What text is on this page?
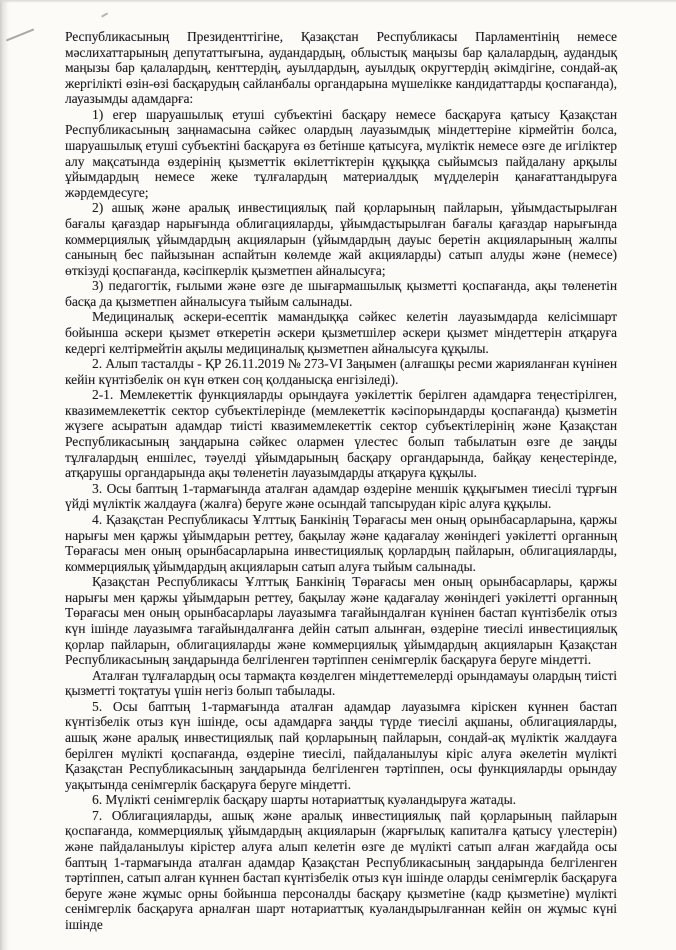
Республикасының Президенттігіне, Қазақстан Республикасы Парламентінің немесе мәслихаттарының депутаттығына, аудандардың, облыстық маңызы бар қалалардың, аудандық маңызы бар қалалардың, кенттердің, ауылдардың, ауылдық округтердің әкімдігіне, сондай-ақ жергілікті өзін-өзі басқарудың сайланбалы органдарына мүшелікке кандидаттарды қоспағанда), лауазымды адамдарға:

1) егер шаруашылық етуші субъектіні басқару немесе басқаруға қатысу Қазақстан Республикасының заңнамасына сәйкес олардың лауазымдық міндеттеріне кірмейтін болса, шаруашылық етуші субъектіні басқаруға өз бетінше қатысуға, мүліктік немесе өзге де игіліктер алу мақсатында өздерінің қызметтік өкілеттіктерін құқыққа сыйымсыз пайдалану арқылы ұйымдардың немесе жеке тұлғалардың материалдық мүдделерін қанағаттандыруға жәрдемдесуге;

2) ашық және аралық инвестициялық пай қорларының пайларын, ұйымдастырылған бағалы қағаздар нарығында облигацияларды, ұйымдастырылған бағалы қағаздар нарығында коммерциялық ұйымдардың акцияларын (ұйымдардың дауыс беретін акцияларының жалпы санының бес пайызынан аспайтын көлемде жай акцияларды) сатып алуды және (немесе) өткізуді қоспағанда, кәсіпкерлік қызметпен айналысуға;

3) педагогтік, ғылыми және өзге де шығармашылық қызметті қоспағанда, ақы төленетін басқа да қызметпен айналысуға тыйым салынады.

Медициналық әскери-есептік мамандыққа сәйкес келетін лауазымдарда келісімшарт бойынша әскери қызмет өткеретін әскери қызметшілер әскери қызмет міндеттерін атқаруға кедергі келтірмейтін ақылы медициналық қызметпен айналысуға құқылы.

2. Алып тасталды - ҚР 26.11.2019 № 273-VI Заңымен (алғашқы ресми жарияланған күнінен кейін күнтізбелік он күн өткен соң қолданысқа енгізіледі).

2-1. Мемлекеттік функцияларды орындауға уәкілеттік берілген адамдарға теңестірілген, квазимемлекеттік сектор субъектілерінде (мемлекеттік кәсіпорындарды қоспағанда) қызметін жүзеге асыратын адамдар тиісті квазимемлекеттік сектор субъектілерінің және Қазақстан Республикасының заңдарына сәйкес олармен үлестес болып табылатын өзге де заңды тұлғалардың еншілес, тәуелді ұйымдарының басқару органдарында, байқау кеңестерінде, атқарушы органдарында ақы төленетін лауазымдарды атқаруға құқылы.

3. Осы баптың 1-тармағында аталған адамдар өздеріне меншік құқығымен тиесілі тұрғын үйді мүліктік жалдауға (жалға) беруге және осындай тапсырудан кіріс алуға құқылы.

4. Қазақстан Республикасы Ұлттық Банкінің Төрағасы мен оның орынбасарларына, қаржы нарығы мен қаржы ұйымдарын реттеу, бақылау және қадағалау жөніндегі уәкілетті органның Төрағасы мен оның орынбасарларына инвестициялық қорлардың пайларын, облигацияларды, коммерциялық ұйымдардың акцияларын сатып алуға тыйым салынады.

Қазақстан Республикасы Ұлттық Банкінің Төрағасы мен оның орынбасарлары, қаржы нарығы мен қаржы ұйымдарын реттеу, бақылау және қадағалау жөніндегі уәкілетті органның Төрағасы мен оның орынбасарлары лауазымға тағайындалған күнінен бастап күнтізбелік отыз күн ішінде лауазымға тағайындалғанға дейін сатып алынған, өздеріне тиесілі инвестициялық қорлар пайларын, облигацияларды және коммерциялық ұйымдардың акцияларын Қазақстан Республикасының заңдарында белгіленген тәртіппен сенімгерлік басқаруға беруге міндетті.

Аталған тұлғалардың осы тармақта көзделген міндеттемелерді орындамауы олардың тиісті қызметті тоқтатуы үшін негіз болып табылады.

5. Осы баптың 1-тармағында аталған адамдар лауазымға кіріскен күннен бастап күнтізбелік отыз күн ішінде, осы адамдарға заңды түрде тиесілі ақшаны, облигацияларды, ашық және аралық инвестициялық пай қорларының пайларын, сондай-ақ мүліктік жалдауға берілген мүлікті қоспағанда, өздеріне тиесілі, пайдаланылуы кіріс алуға әкелетін мүлікті Қазақстан Республикасының заңдарында белгіленген тәртіппен, осы функцияларды орындау уақытында сенімгерлік басқаруға беруге міндетті.

6. Мүлікті сенімгерлік басқару шарты нотариаттық куәландыруға жатады.

7. Облигацияларды, ашық және аралық инвестициялық пай қорларының пайларын қоспағанда, коммерциялық ұйымдардың акцияларын (жарғылық капиталға қатысу үлестерін) және пайдаланылуы кірістер алуға алып келетін өзге де мүлікті сатып алған жағдайда осы баптың 1-тармағында аталған адамдар Қазақстан Республикасының заңдарында белгіленген тәртіппен, сатып алған күннен бастап күнтізбелік отыз күн ішінде оларды сенімгерлік басқаруға беруге және жұмыс орны бойынша персоналды басқару қызметіне (кадр қызметіне) мүлікті сенімгерлік басқаруға арналған шарт нотариаттық куәландырылғаннан кейін он жұмыс күні ішінде
